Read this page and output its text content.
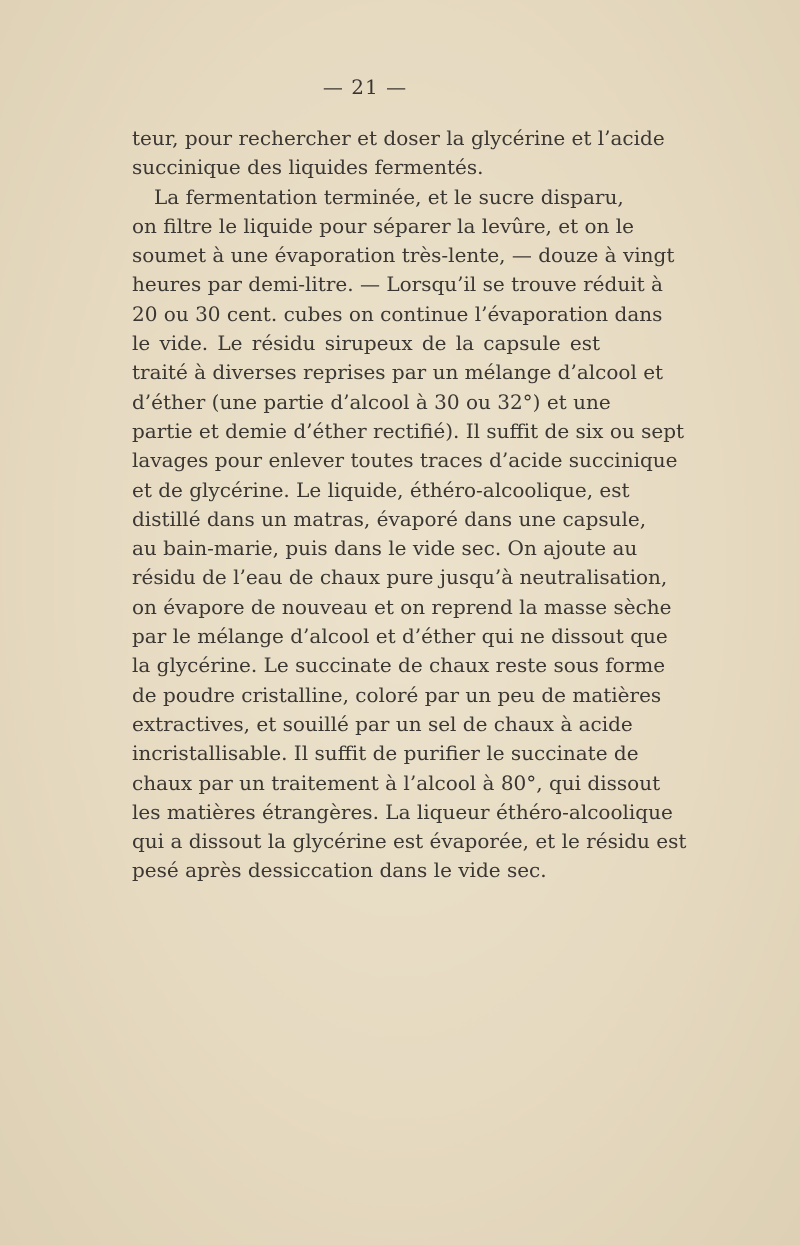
— 21 —
teur, pour rechercher et doser la glycérine et l’acide
succinique des liquides fermentés.
La fermentation terminée, et le sucre disparu,
on filtre le liquide pour séparer la levûre, et on le
soumet à une évaporation très-lente, — douze à vingt
heures par demi-litre. — Lorsqu’il se trouve réduit à
20 ou 30 cent. cubes on continue l’évaporation dans
le vide. Le résidu sirupeux de la capsule est
traité à diverses reprises par un mélange d’alcool et
d’éther (une partie d’alcool à 30 ou 32°) et une
partie et demie d’éther rectifié). Il suffit de six ou sept
lavages pour enlever toutes traces d’acide succinique
et de glycérine. Le liquide, éthéro-alcoolique, est
distillé dans un matras, évaporé dans une capsule,
au bain-marie, puis dans le vide sec. On ajoute au
résidu de l’eau de chaux pure jusqu’à neutralisation,
on évapore de nouveau et on reprend la masse sèche
par le mélange d’alcool et d’éther qui ne dissout que
la glycérine. Le succinate de chaux reste sous forme
de poudre cristalline, coloré par un peu de matières
extractives, et souillé par un sel de chaux à acide
incristallisable. Il suffit de purifier le succinate de
chaux par un traitement à l’alcool à 80°, qui dissout
les matières étrangères. La liqueur éthéro-alcoolique
qui a dissout la glycérine est évaporée, et le résidu est
pesé après dessiccation dans le vide sec.
